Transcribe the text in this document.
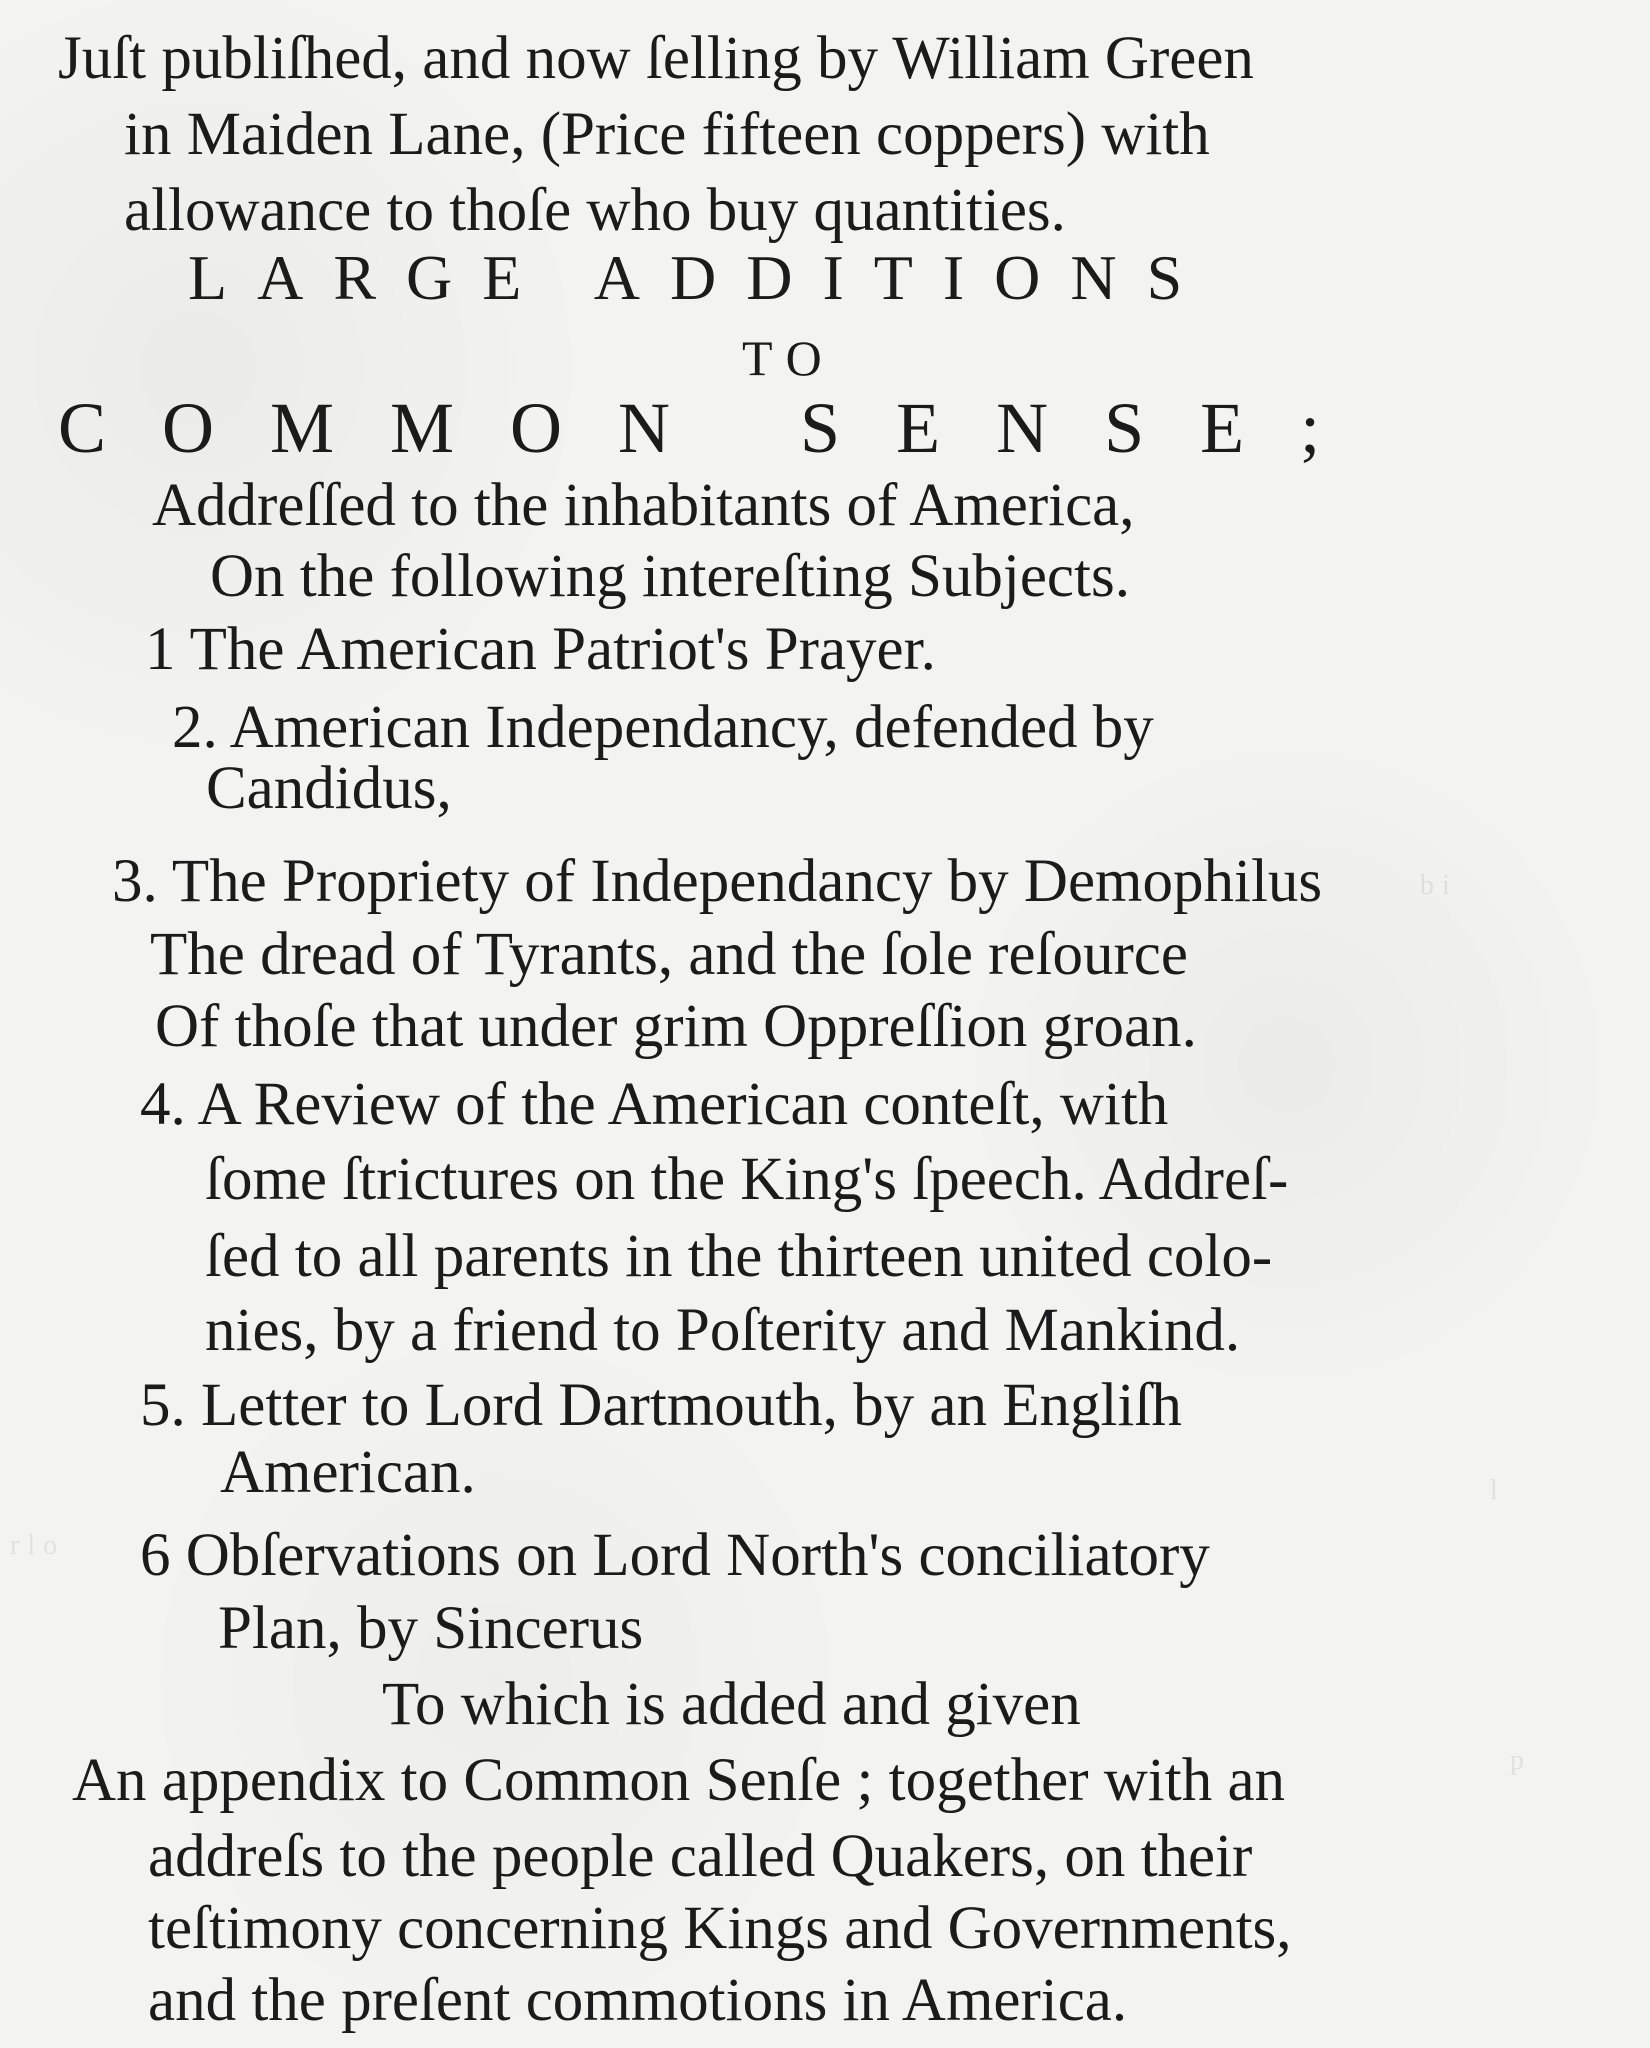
bi
l
rlo
p
Juſt publiſhed, and now ſelling by William Green
in Maiden Lane, (Price fifteen coppers) with
allowance to thoſe who buy quantities.
LARGE ADDITIONS
TO
COMMON SENSE;
Addreſſed to the inhabitants of America,
On the following intereſting Subjects.
1 The American Patriot's Prayer.
2. American Independancy, defended by
Candidus,
3. The Propriety of Independancy by Demophilus
The dread of Tyrants, and the ſole reſource
Of thoſe that under grim Oppreſſion groan.
4. A Review of the American conteſt, with
ſome ſtrictures on the King's ſpeech. Addreſ-
ſed to all parents in the thirteen united colo-
nies, by a friend to Poſterity and Mankind.
5. Letter to Lord Dartmouth, by an Engliſh
American.
6 Obſervations on Lord North's conciliatory
Plan, by Sincerus
To which is added and given
An appendix to Common Senſe ; together with an
addreſs to the people called Quakers, on their
teſtimony concerning Kings and Governments,
and the preſent commotions in America.
